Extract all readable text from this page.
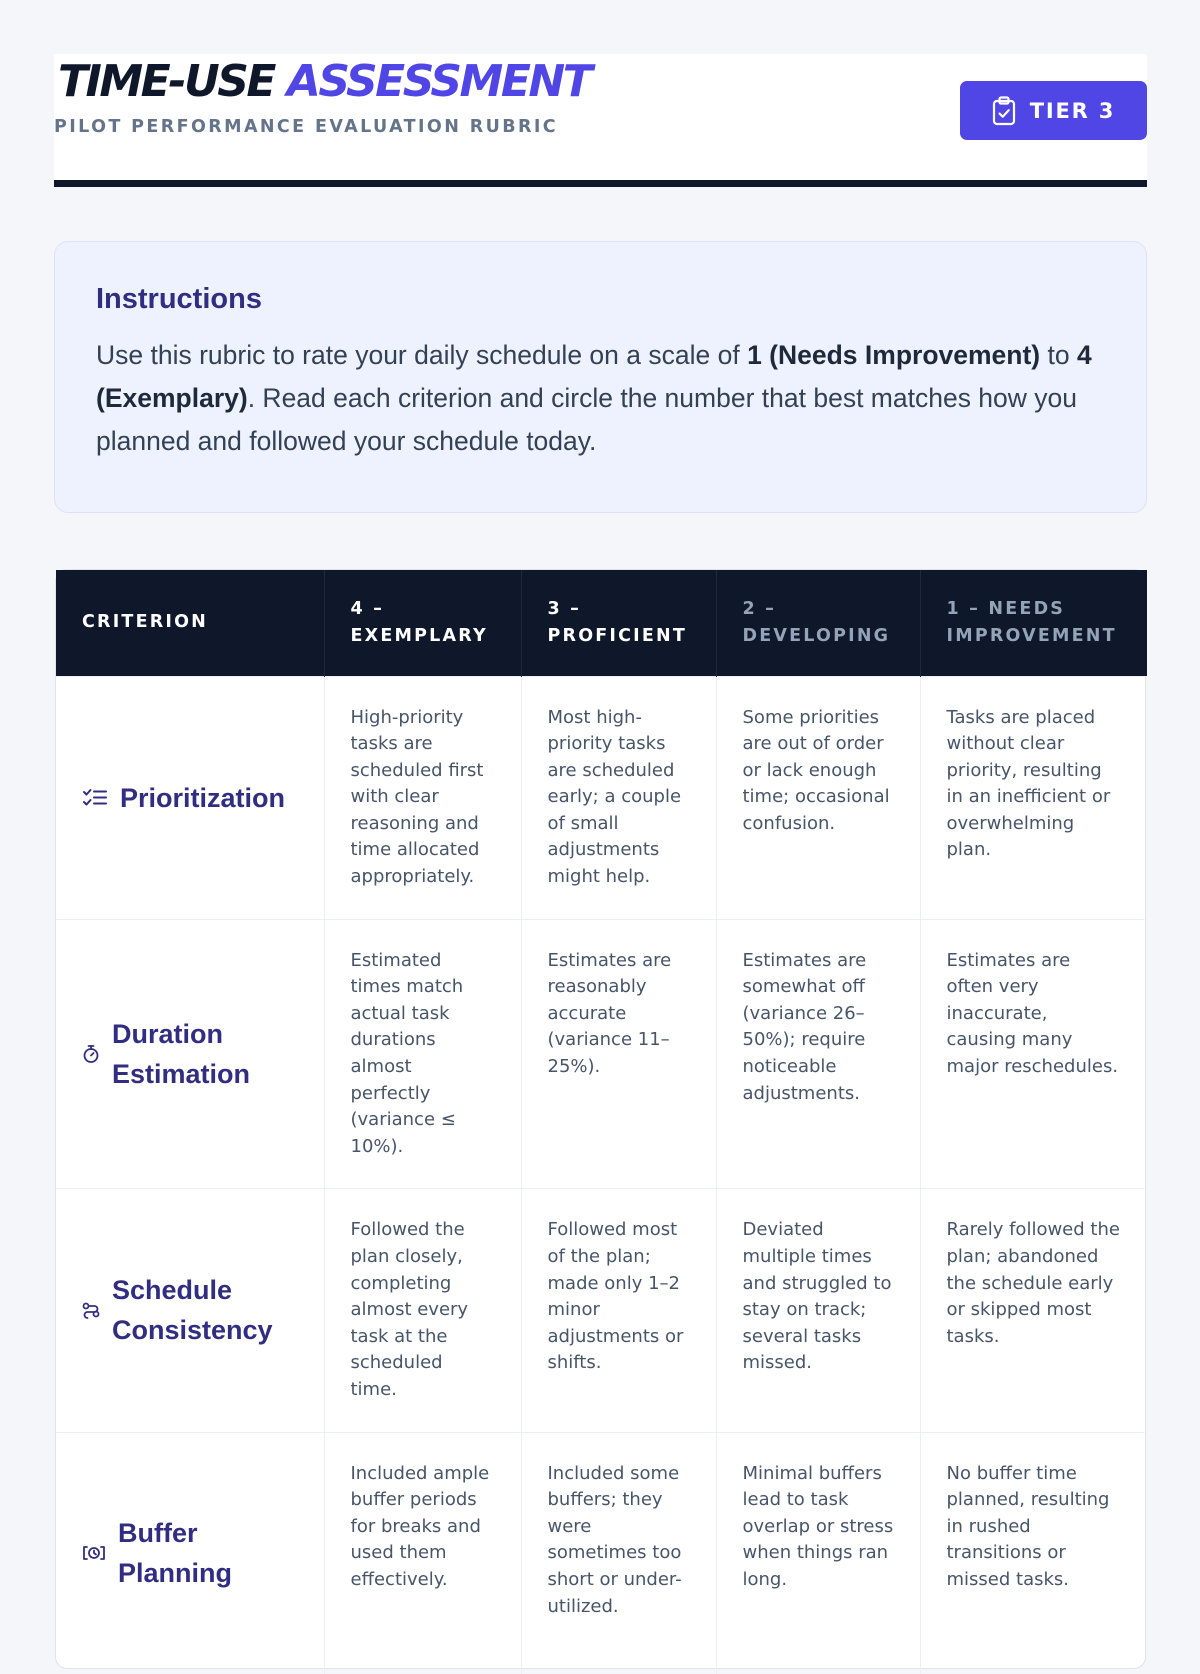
TIME-USE ASSESSMENT
PILOT PERFORMANCE EVALUATION RUBRIC
TIER 3
Instructions

Use this rubric to rate your daily schedule on a scale of 1 (Needs Improvement) to 4 (Exemplary). Read each criterion and circle the number that best matches how you planned and followed your schedule today.

CRITERION	4 – EXEMPLARY	3 – PROFICIENT	2 – DEVELOPING	1 – NEEDS IMPROVEMENT

Prioritization	High-priority tasks are scheduled first with clear reasoning and time allocated appropriately.	Most high-priority tasks are scheduled early; a couple of small adjustments might help.	Some priorities are out of order or lack enough time; occasional confusion.	Tasks are placed without clear priority, resulting in an inefficient or overwhelming plan.

Duration Estimation	Estimated times match actual task durations almost perfectly (variance ≤ 10%).	Estimates are reasonably accurate (variance 11–25%).	Estimates are somewhat off (variance 26–50%); require noticeable adjustments.	Estimates are often very inaccurate, causing many major reschedules.

Schedule Consistency	Followed the plan closely, completing almost every task at the scheduled time.	Followed most of the plan; made only 1–2 minor adjustments or shifts.	Deviated multiple times and struggled to stay on track; several tasks missed.	Rarely followed the plan; abandoned the schedule early or skipped most tasks.

Buffer Planning	Included ample buffer periods for breaks and used them effectively.	Included some buffers; they were sometimes too short or under-utilized.	Minimal buffers lead to task overlap or stress when things ran long.	No buffer time planned, resulting in rushed transitions or missed tasks.
